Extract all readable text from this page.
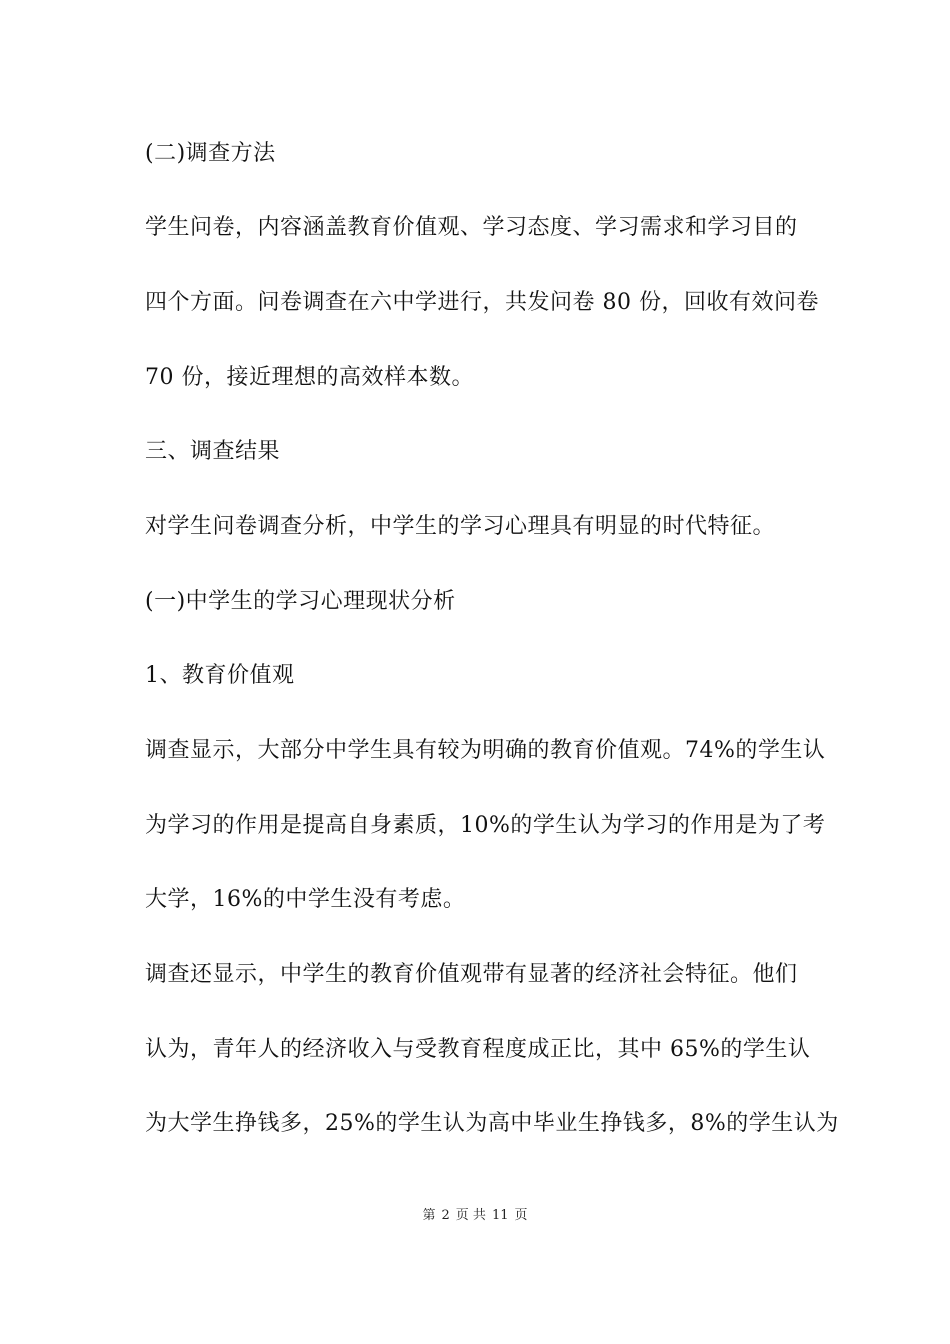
(二)调查方法
学生问卷，内容涵盖教育价值观、学习态度、学习需求和学习目的
四个方面。问卷调查在六中学进行，共发问卷 80 份，回收有效问卷
70 份，接近理想的高效样本数。
三、调查结果
对学生问卷调查分析，中学生的学习心理具有明显的时代特征。
(一)中学生的学习心理现状分析
1、教育价值观
调查显示，大部分中学生具有较为明确的教育价值观。74%的学生认
为学习的作用是提高自身素质，10%的学生认为学习的作用是为了考
大学，16%的中学生没有考虑。
调查还显示，中学生的教育价值观带有显著的经济社会特征。他们
认为，青年人的经济收入与受教育程度成正比，其中 65%的学生认
为大学生挣钱多，25%的学生认为高中毕业生挣钱多，8%的学生认为
第 2 页 共 11 页
